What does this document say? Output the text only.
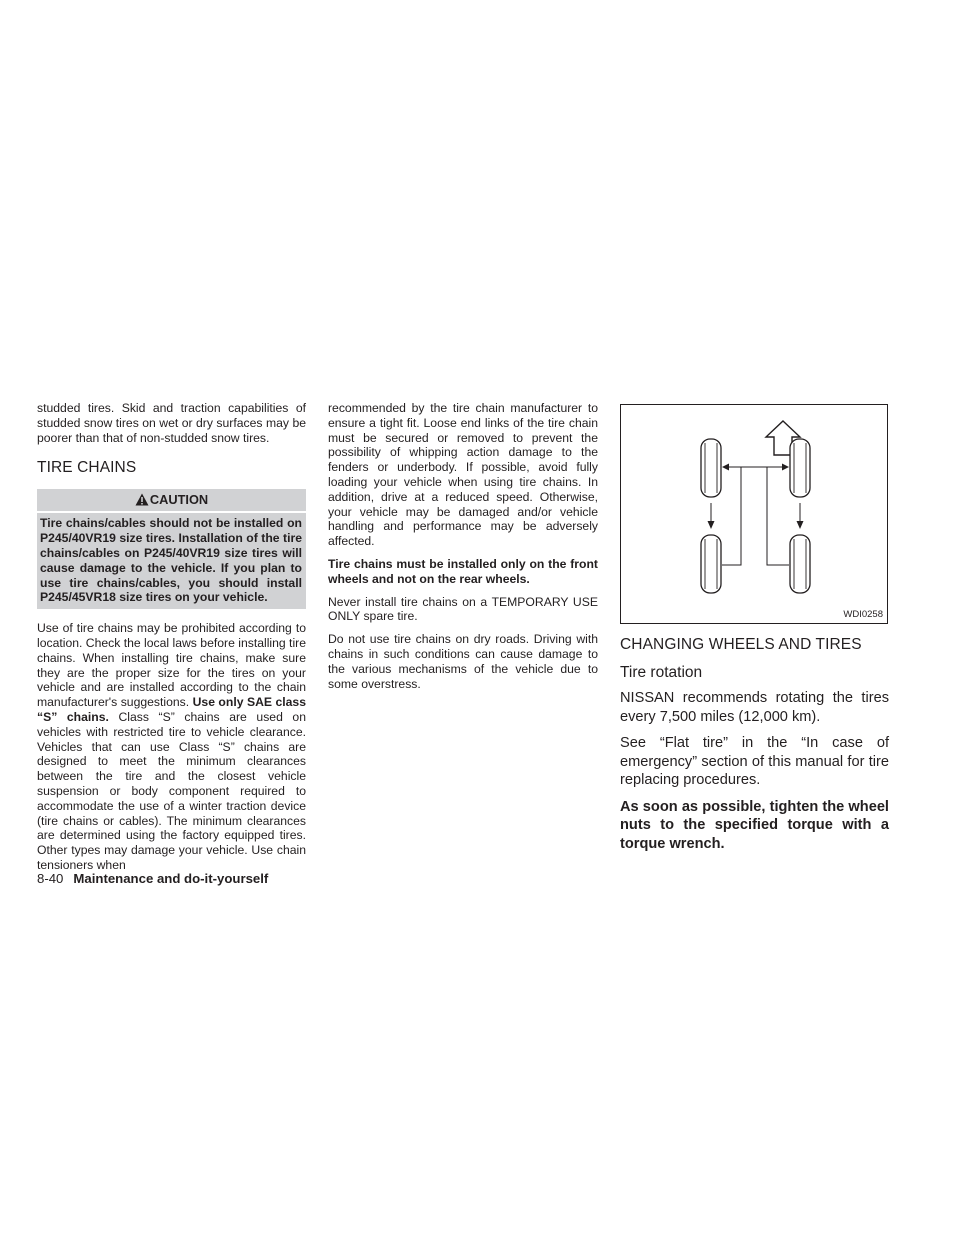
studded tires. Skid and traction capabilities of studded snow tires on wet or dry surfaces may be poorer than that of non-studded snow tires.

TIRE CHAINS
CAUTION
Tire chains/cables should not be installed on P245/40VR19 size tires. Installation of the tire chains/cables on P245/40VR19 size tires will cause damage to the vehicle. If you plan to use tire chains/cables, you should install P245/45VR18 size tires on your vehicle.

Use of tire chains may be prohibited according to location. Check the local laws before installing tire chains. When installing tire chains, make sure they are the proper size for the tires on your vehicle and are installed according to the chain manufacturer's suggestions. Use only SAE class “S” chains. Class “S” chains are used on vehicles with restricted tire to vehicle clearance. Vehicles that can use Class “S” chains are designed to meet the minimum clearances between the tire and the closest vehicle suspension or body component required to accommodate the use of a winter traction device (tire chains or cables). The minimum clearances are determined using the factory equipped tires. Other types may damage your vehicle. Use chain tensioners when

recommended by the tire chain manufacturer to ensure a tight fit. Loose end links of the tire chain must be secured or removed to prevent the possibility of whipping action damage to the fenders or underbody. If possible, avoid fully loading your vehicle when using tire chains. In addition, drive at a reduced speed. Otherwise, your vehicle may be damaged and/or vehicle handling and performance may be adversely affected.

Tire chains must be installed only on the front wheels and not on the rear wheels.

Never install tire chains on a TEMPORARY USE ONLY spare tire.

Do not use tire chains on dry roads. Driving with chains in such conditions can cause damage to the various mechanisms of the vehicle due to some overstress.

WDI0258
CHANGING WHEELS AND TIRES
Tire rotation

NISSAN recommends rotating the tires every 7,500 miles (12,000 km).

See “Flat tire” in the “In case of emergency” section of this manual for tire replacing procedures.

As soon as possible, tighten the wheel nuts to the specified torque with a torque wrench.

8-40 Maintenance and do-it-yourself
